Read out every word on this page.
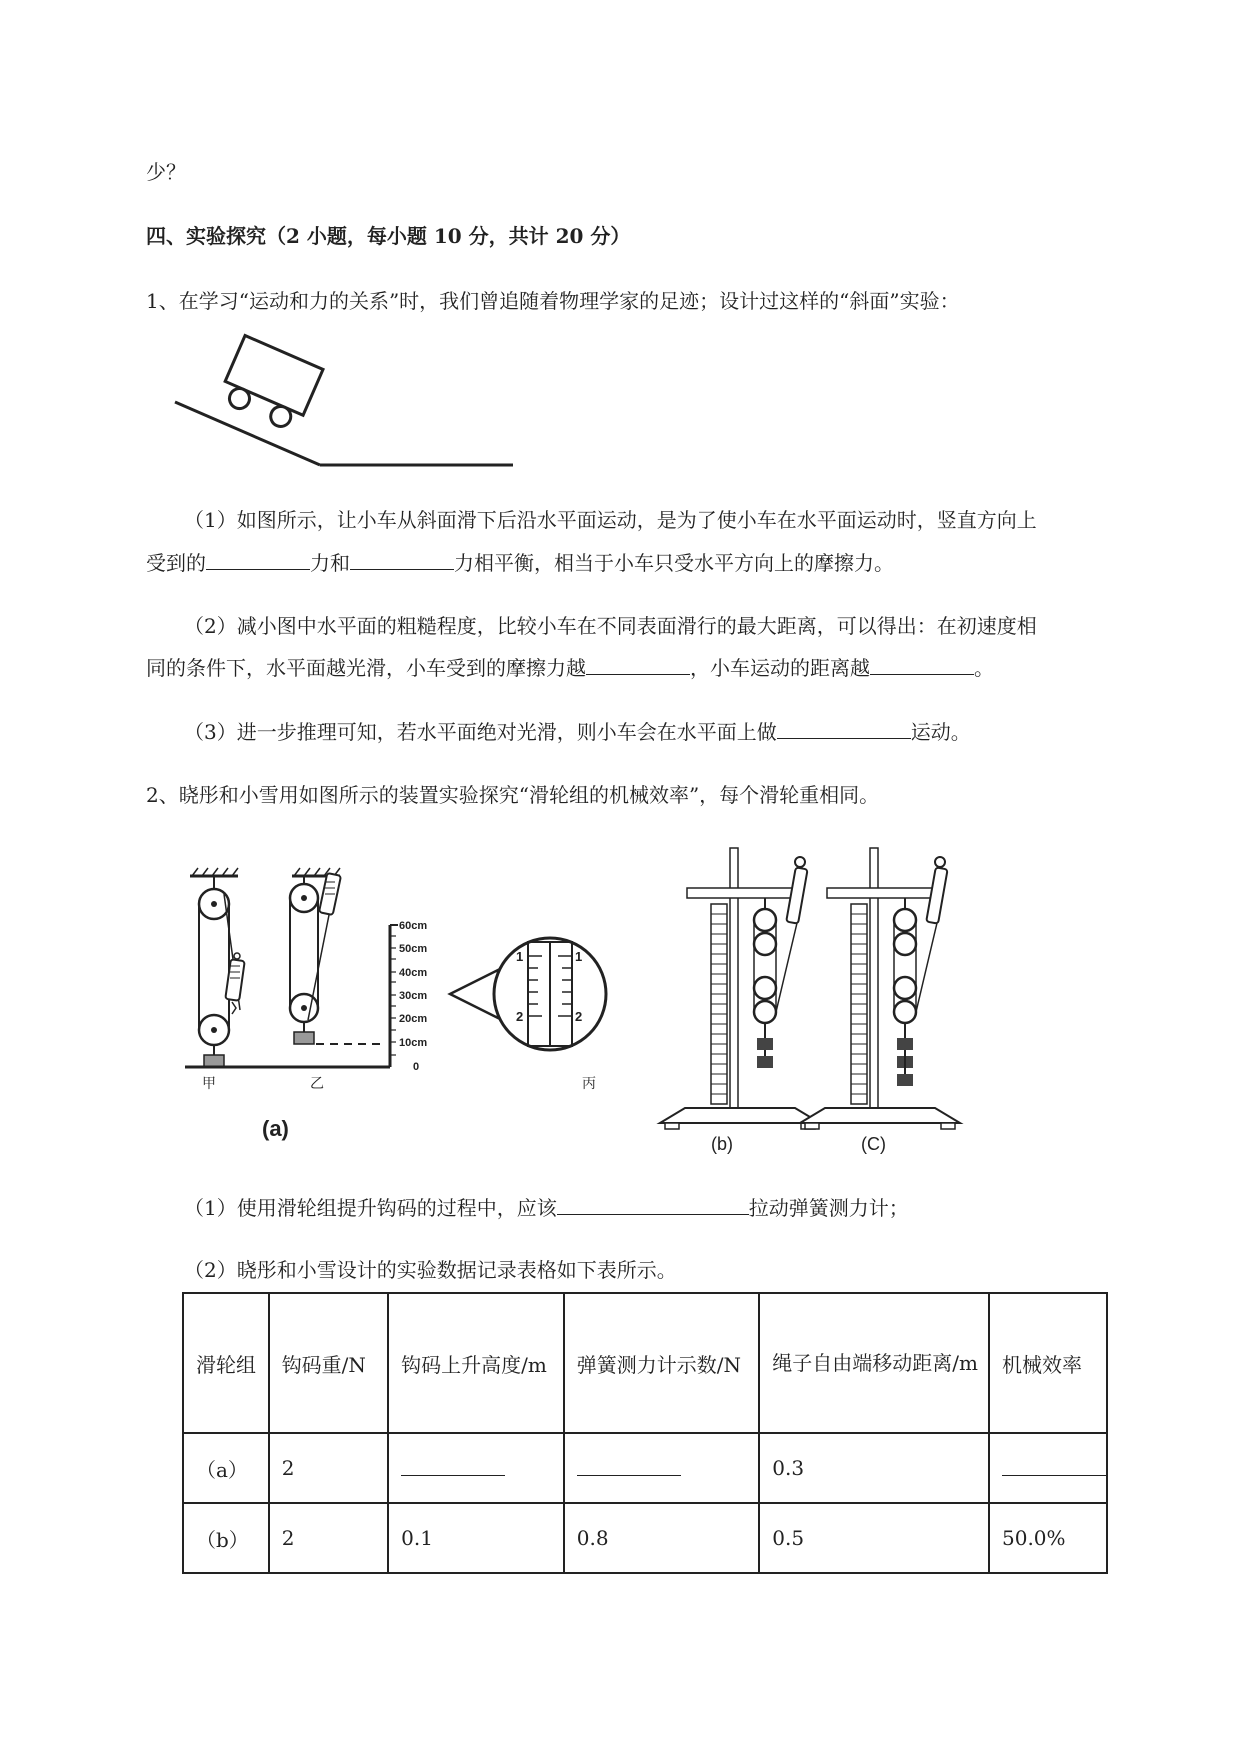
少？
四、实验探究（2 小题，每小题 10 分，共计 20 分）
1、在学习“运动和力的关系”时，我们曾追随着物理学家的足迹；设计过这样的“斜面”实验：
（1）如图所示，让小车从斜面滑下后沿水平面运动，是为了使小车在水平面运动时，竖直方向上
受到的	力和	力相平衡，相当于小车只受水平方向上的摩擦力。
（2）减小图中水平面的粗糙程度，比较小车在不同表面滑行的最大距离，可以得出：在初速度相
同的条件下，水平面越光滑，小车受到的摩擦力越	，小车运动的距离越	。
（3）进一步推理可知，若水平面绝对光滑，则小车会在水平面上做	运动。
2、晓彤和小雪用如图所示的装置实验探究“滑轮组的机械效率”，每个滑轮重相同。
60cm
50cm
40cm
30cm
20cm
10cm
0
1	1
2	2
甲	乙	丙
(a)
(b)	(C)
（1）使用滑轮组提升钩码的过程中，应该	拉动弹簧测力计；
（2）晓彤和小雪设计的实验数据记录表格如下表所示。
滑轮组	钩码重/N	钩码上升高度/m	弹簧测力计示数/N	绳子自由端移动距离/m	机械效率
（a）	2			0.3	
（b）	2	0.1	0.8	0.5	50.0%
